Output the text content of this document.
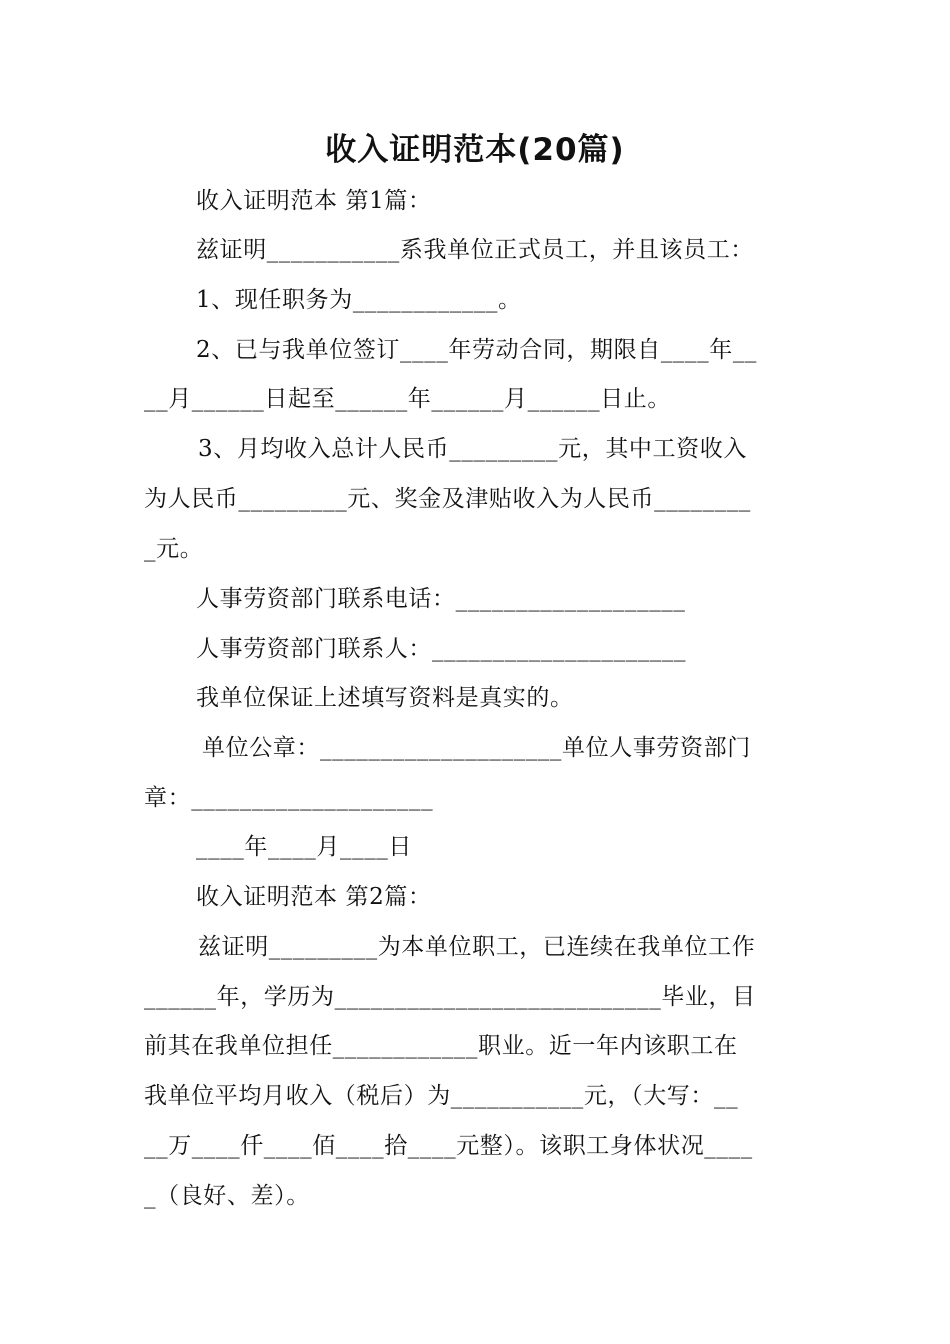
收入证明范本(20篇)
收入证明范本 第1篇：
兹证明___________系我单位正式员工，并且该员工：
1、现任职务为____________。
2、已与我单位签订____年劳动合同，期限自____年__
__月______日起至______年______月______日止。
3、月均收入总计人民币_________元，其中工资收入
为人民币_________元、奖金及津贴收入为人民币________
_元。
人事劳资部门联系电话：___________________
人事劳资部门联系人：_____________________
我单位保证上述填写资料是真实的。
单位公章：____________________单位人事劳资部门
章：____________________
____年____月____日
收入证明范本 第2篇：
兹证明_________为本单位职工，已连续在我单位工作
______年，学历为___________________________毕业，目
前其在我单位担任____________职业。近一年内该职工在
我单位平均月收入（税后）为___________元，（大写：__
__万____仟____佰____拾____元整）。该职工身体状况____
_（良好、差）。
